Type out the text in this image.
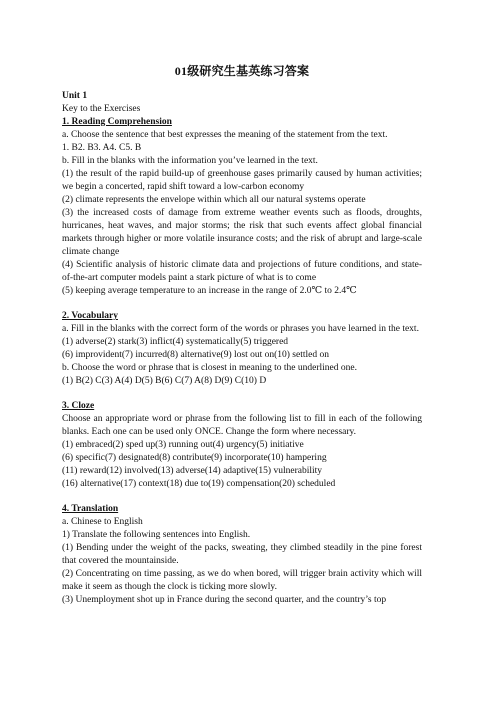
01级研究生基英练习答案
Unit 1
Key to the Exercises
1. Reading Comprehension
a. Choose the sentence that best expresses the meaning of the statement from the text.
1. B2. B3. A4. C5. B
b. Fill in the blanks with the information you’ve learned in the text.
(1) the result of the rapid build-up of greenhouse gases primarily caused by human activities; we begin a concerted, rapid shift toward a low-carbon economy
(2) climate represents the envelope within which all our natural systems operate
(3) the increased costs of damage from extreme weather events such as floods, droughts, hurricanes, heat waves, and major storms; the risk that such events affect global financial markets through higher or more volatile insurance costs; and the risk of abrupt and large-scale climate change
(4) Scientific analysis of historic climate data and projections of future conditions, and state-of-the-art computer models paint a stark picture of what is to come
(5) keeping average temperature to an increase in the range of 2.0℃ to 2.4℃
2. Vocabulary
a. Fill in the blanks with the correct form of the words or phrases you have learned in the text.
(1) adverse(2) stark(3) inflict(4) systematically(5) triggered
(6) improvident(7) incurred(8) alternative(9) lost out on(10) settled on
b. Choose the word or phrase that is closest in meaning to the underlined one.
(1) B(2) C(3) A(4) D(5) B(6) C(7) A(8) D(9) C(10) D
3. Cloze
Choose an appropriate word or phrase from the following list to fill in each of the following blanks. Each one can be used only ONCE. Change the form where necessary.
(1) embraced(2) sped up(3) running out(4) urgency(5) initiative
(6) specific(7) designated(8) contribute(9) incorporate(10) hampering
(11) reward(12) involved(13) adverse(14) adaptive(15) vulnerability
(16) alternative(17) context(18) due to(19) compensation(20) scheduled
4. Translation
a. Chinese to English
1) Translate the following sentences into English.
(1) Bending under the weight of the packs, sweating, they climbed steadily in the pine forest that covered the mountainside.
(2) Concentrating on time passing, as we do when bored, will trigger brain activity which will make it seem as though the clock is ticking more slowly.
(3) Unemployment shot up in France during the second quarter, and the country’s top
